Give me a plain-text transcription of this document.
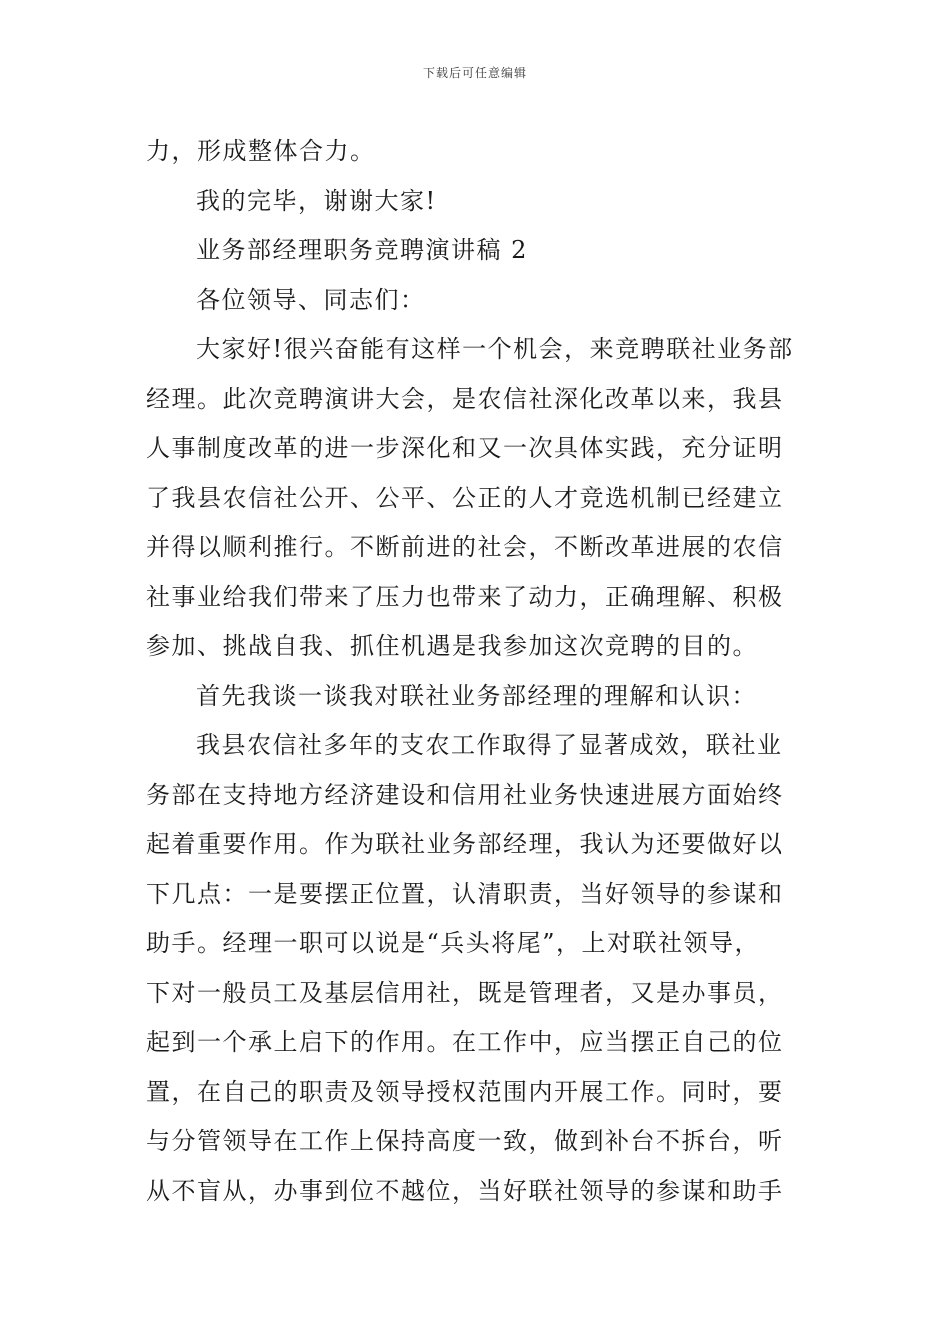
下载后可任意编辑
力，形成整体合力。
我的完毕，谢谢大家!
业务部经理职务竞聘演讲稿 2
各位领导、同志们：
大家好!很兴奋能有这样一个机会，来竞聘联社业务部
经理。此次竞聘演讲大会，是农信社深化改革以来，我县
人事制度改革的进一步深化和又一次具体实践，充分证明
了我县农信社公开、公平、公正的人才竞选机制已经建立
并得以顺利推行。不断前进的社会，不断改革进展的农信
社事业给我们带来了压力也带来了动力，正确理解、积极
参加、挑战自我、抓住机遇是我参加这次竞聘的目的。
首先我谈一谈我对联社业务部经理的理解和认识：
我县农信社多年的支农工作取得了显著成效，联社业
务部在支持地方经济建设和信用社业务快速进展方面始终
起着重要作用。作为联社业务部经理，我认为还要做好以
下几点：一是要摆正位置，认清职责，当好领导的参谋和
助手。经理一职可以说是“兵头将尾”，上对联社领导，
下对一般员工及基层信用社，既是管理者，又是办事员，
起到一个承上启下的作用。在工作中，应当摆正自己的位
置，在自己的职责及领导授权范围内开展工作。同时，要
与分管领导在工作上保持高度一致，做到补台不拆台，听
从不盲从，办事到位不越位，当好联社领导的参谋和助手
